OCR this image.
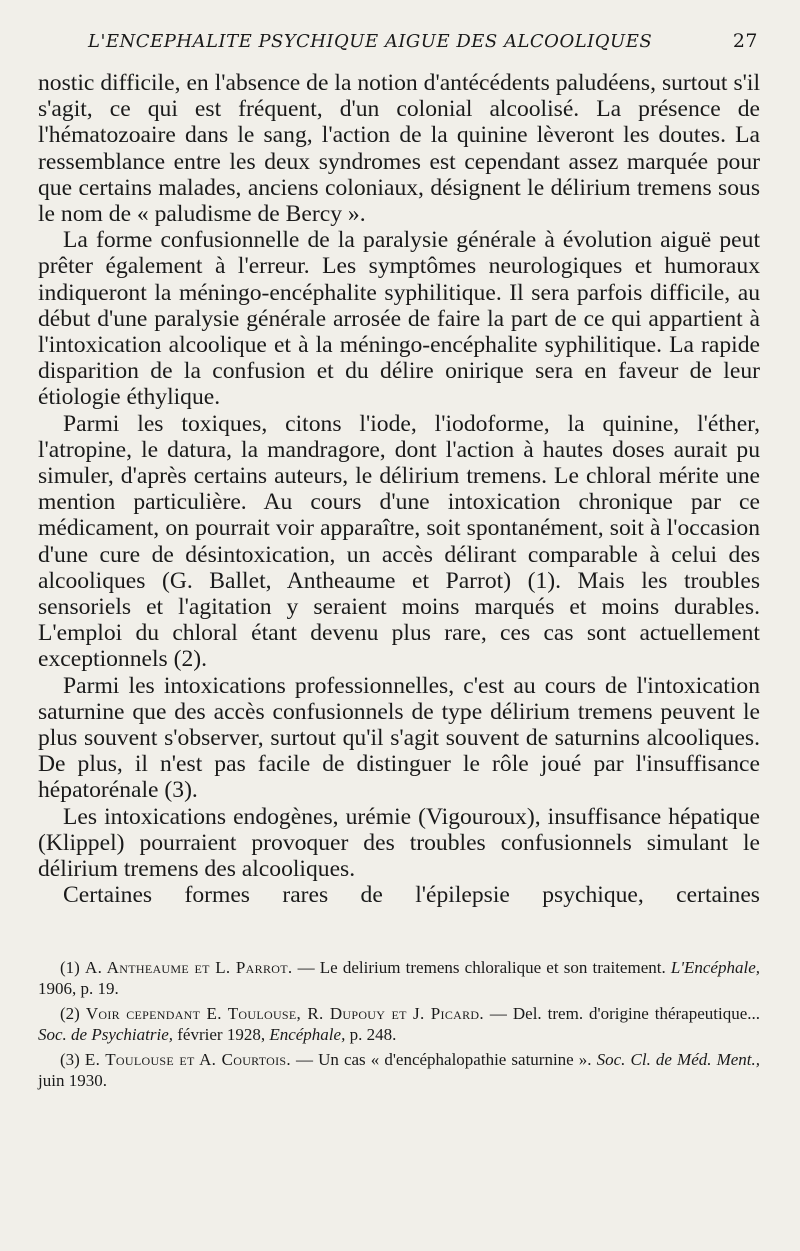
L'ENCEPHALITE PSYCHIQUE AIGUE DES ALCOOLIQUES	27

nostic difficile, en l'absence de la notion d'antécédents paludéens, surtout s'il s'agit, ce qui est fréquent, d'un colonial alcoolisé. La présence de l'hématozoaire dans le sang, l'action de la quinine lèveront les doutes. La ressemblance entre les deux syndromes est cependant assez marquée pour que certains malades, anciens coloniaux, désignent le délirium tremens sous le nom de « paludisme de Bercy ».

La forme confusionnelle de la paralysie générale à évolution aiguë peut prêter également à l'erreur. Les symptômes neurologiques et humoraux indiqueront la méningo-encéphalite syphilitique. Il sera parfois difficile, au début d'une paralysie générale arrosée de faire la part de ce qui appartient à l'intoxication alcoolique et à la méningo-encéphalite syphilitique. La rapide disparition de la confusion et du délire onirique sera en faveur de leur étiologie éthylique.

Parmi les toxiques, citons l'iode, l'iodoforme, la quinine, l'éther, l'atropine, le datura, la mandragore, dont l'action à hautes doses aurait pu simuler, d'après certains auteurs, le délirium tremens. Le chloral mérite une mention particulière. Au cours d'une intoxication chronique par ce médicament, on pourrait voir apparaître, soit spontanément, soit à l'occasion d'une cure de désintoxication, un accès délirant comparable à celui des alcooliques (G. Ballet, Antheaume et Parrot) (1). Mais les troubles sensoriels et l'agitation y seraient moins marqués et moins durables. L'emploi du chloral étant devenu plus rare, ces cas sont actuellement exceptionnels (2).

Parmi les intoxications professionnelles, c'est au cours de l'intoxication saturnine que des accès confusionnels de type délirium tremens peuvent le plus souvent s'observer, surtout qu'il s'agit souvent de saturnins alcooliques. De plus, il n'est pas facile de distinguer le rôle joué par l'insuffisance hépatorénale (3).

Les intoxications endogènes, urémie (Vigouroux), insuffisance hépatique (Klippel) pourraient provoquer des troubles confusionnels simulant le délirium tremens des alcooliques.

Certaines formes rares de l'épilepsie psychique, certaines

(1) A. Antheaume et L. Parrot. — Le delirium tremens chloralique et son traitement. L'Encéphale, 1906, p. 19.

(2) Voir cependant E. Toulouse, R. Dupouy et J. Picard. — Del. trem. d'origine thérapeutique... Soc. de Psychiatrie, février 1928, Encéphale, p. 248.

(3) E. Toulouse et A. Courtois. — Un cas « d'encéphalopathie saturnine ». Soc. Cl. de Méd. Ment., juin 1930.
